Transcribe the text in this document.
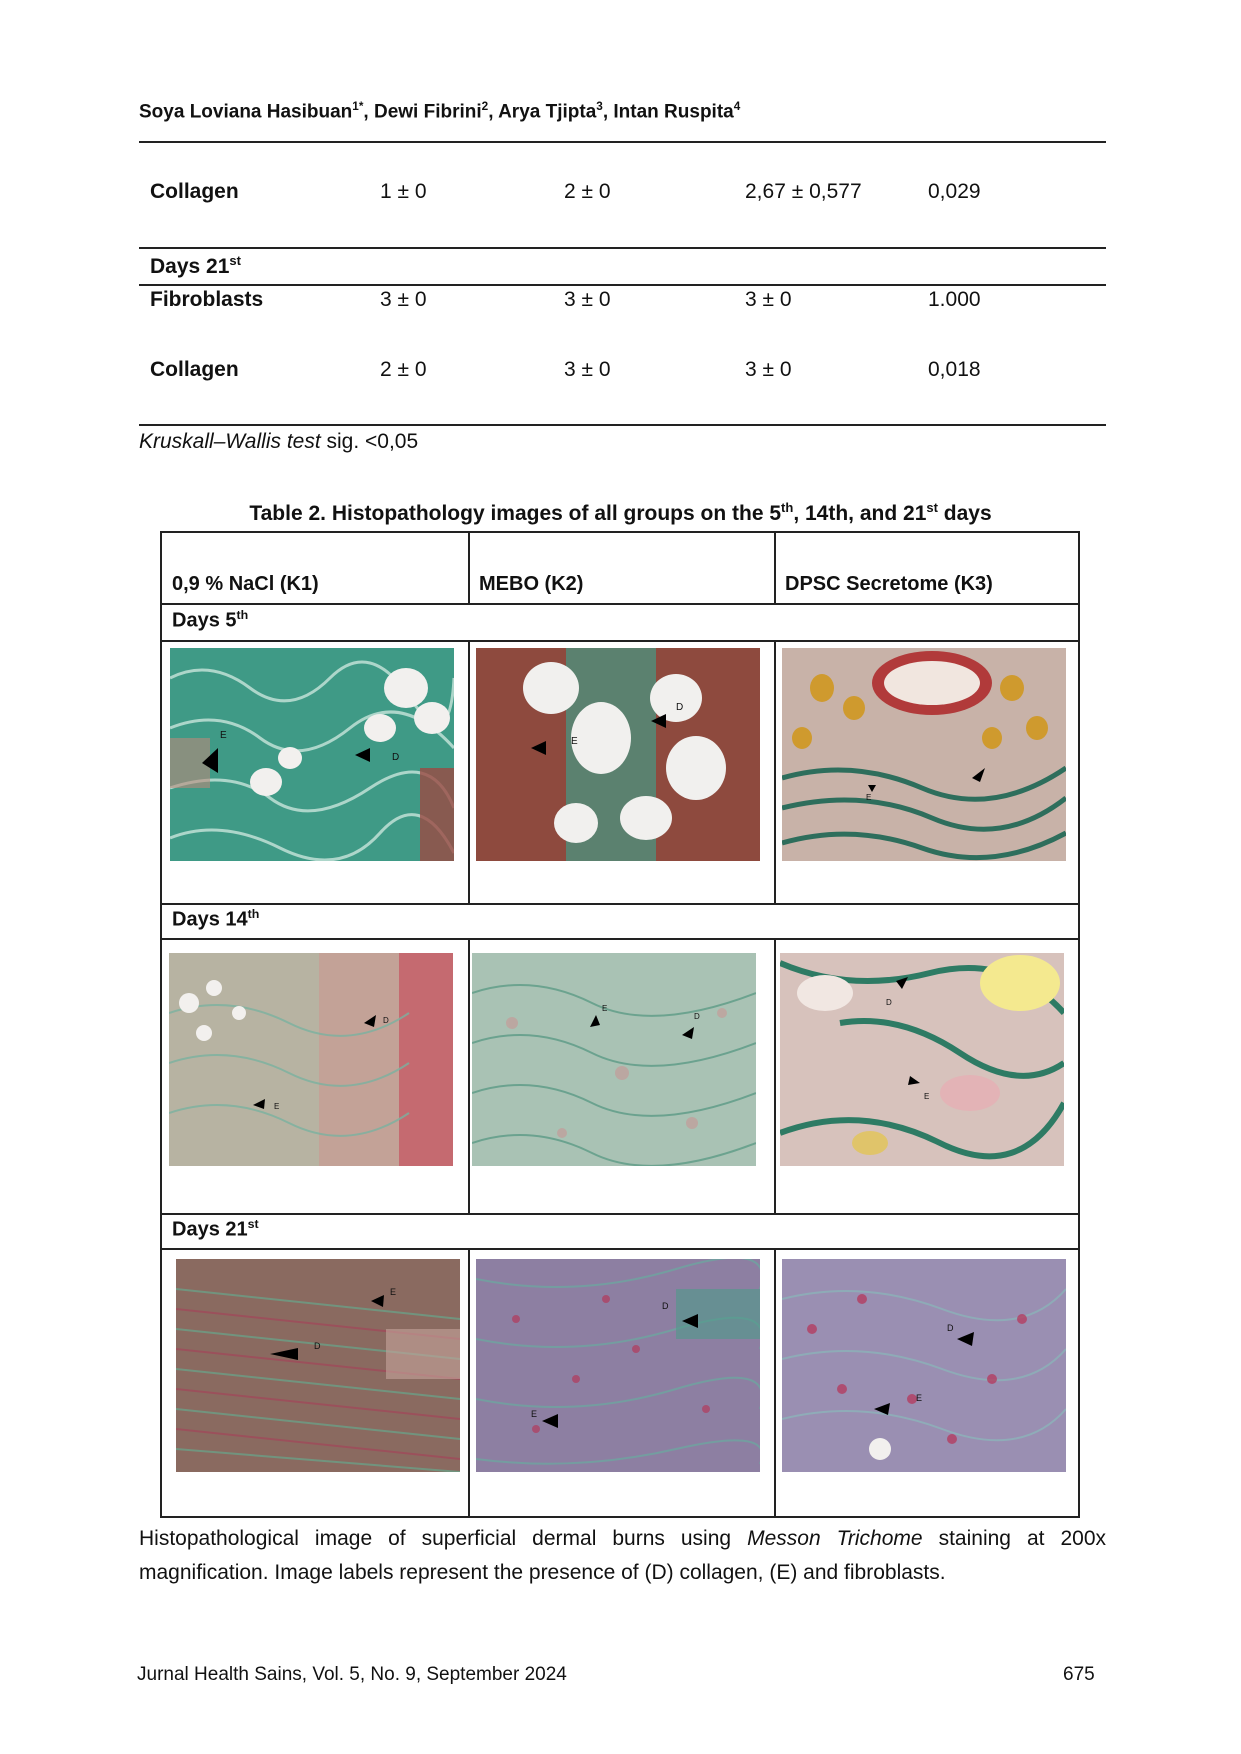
Soya Loviana Hasibuan$^{1*}$, Dewi Fibrini$^2$, Arya Tjipta$^3$, Intan Ruspita$^4$
Collagen	1 ± 0	2 ± 0	2,67 ± 0,577	0,029
Days 21st
Fibroblasts	3 ± 0	3 ± 0	3 ± 0	1.000
Collagen	2 ± 0	3 ± 0	3 ± 0	0,018
Kruskall–Wallis test sig. <0,05
Table 2. Histopathology images of all groups on the 5th, 14th, and 21st days
0,9 % NaCl (K1)	MEBO (K2)	DPSC Secretome (K3)
Days 5th
Days 14th
Days 21st
E
D
D
E
E
D
E
E
D
D
E
D
E
D
E
D
E
Histopathological image of superficial dermal burns using Messon Trichome staining at 200x magnification. Image labels represent the presence of (D) collagen, (E) and fibroblasts.
Jurnal Health Sains, Vol. 5, No. 9, September 2024	675
